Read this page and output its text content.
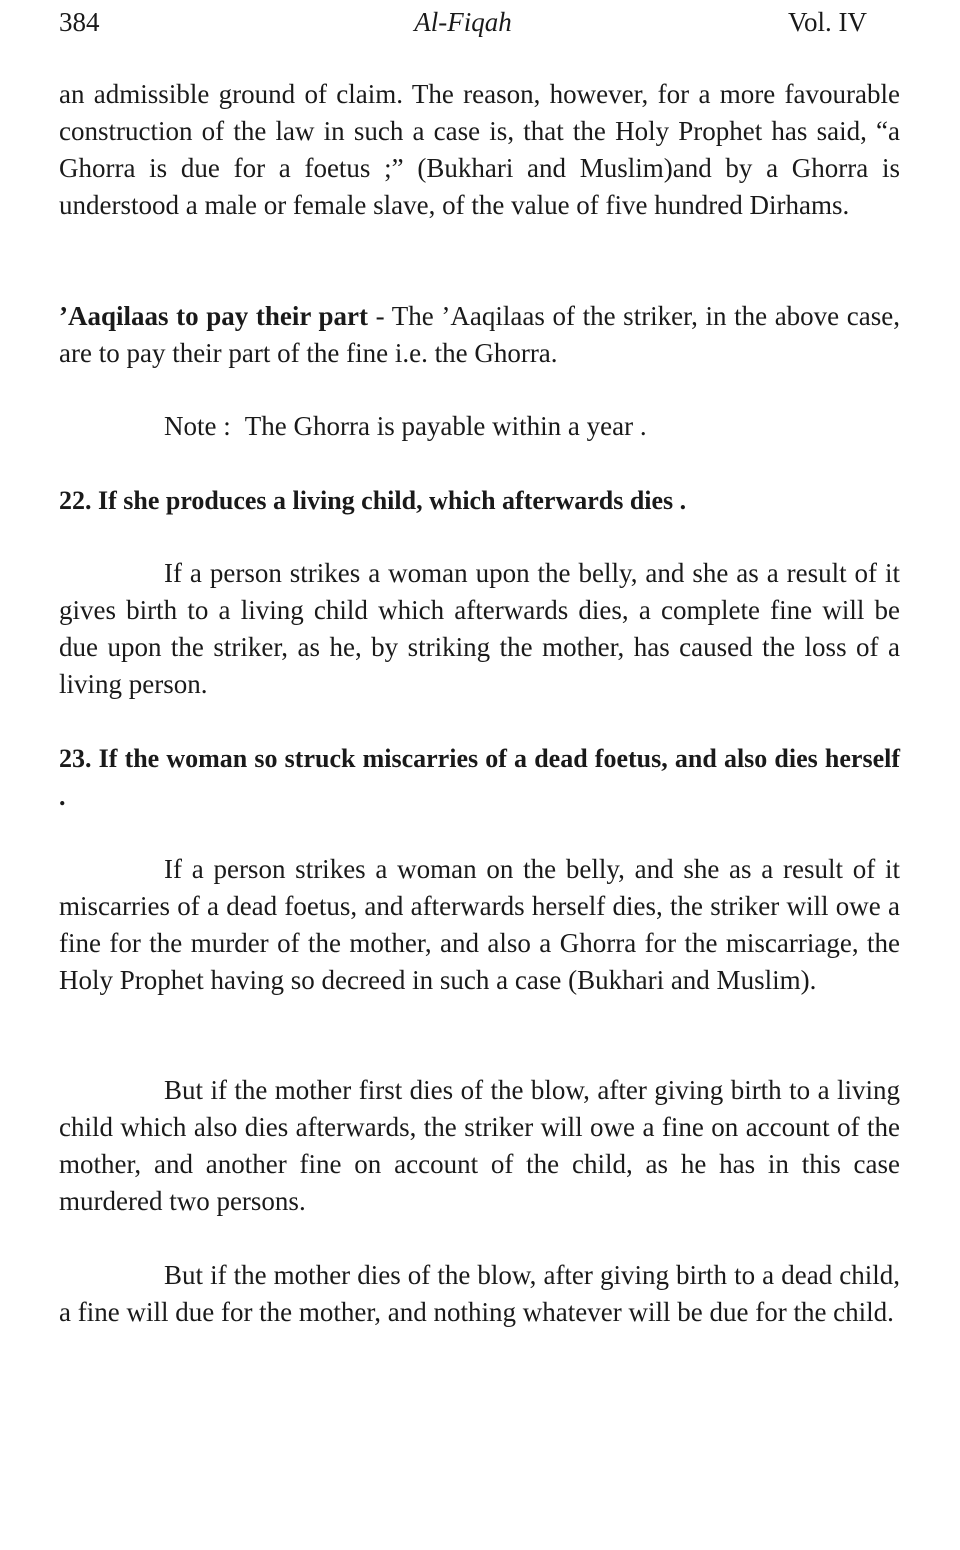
384	Al-Fiqah	Vol. IV

an admissible ground of claim. The reason, however, for a more favourable construction of the law in such a case is, that the Holy Prophet has said, “a Ghorra is due for a foetus ;” (Bukhari and Muslim)and by a Ghorra is understood a male or female slave, of the value of five hundred Dirhams.

’Aaqilaas to pay their part - The ’Aaqilaas of the striker, in the above case, are to pay their part of the fine i.e. the Ghorra.

Note : The Ghorra is payable within a year .

22. If she produces a living child, which afterwards dies .

If a person strikes a woman upon the belly, and she as a result of it gives birth to a living child which afterwards dies, a complete fine will be due upon the striker, as he, by striking the mother, has caused the loss of a living person.

23. If the woman so struck miscarries of a dead foetus, and also dies herself .

If a person strikes a woman on the belly, and she as a result of it miscarries of a dead foetus, and afterwards herself dies, the striker will owe a fine for the murder of the mother, and also a Ghorra for the miscarriage, the Holy Prophet having so decreed in such a case (Bukhari and Muslim).

But if the mother first dies of the blow, after giving birth to a living child which also dies afterwards, the striker will owe a fine on account of the mother, and another fine on account of the child, as he has in this case murdered two persons.

But if the mother dies of the blow, after giving birth to a dead child, a fine will due for the mother, and nothing whatever will be due for the child.
